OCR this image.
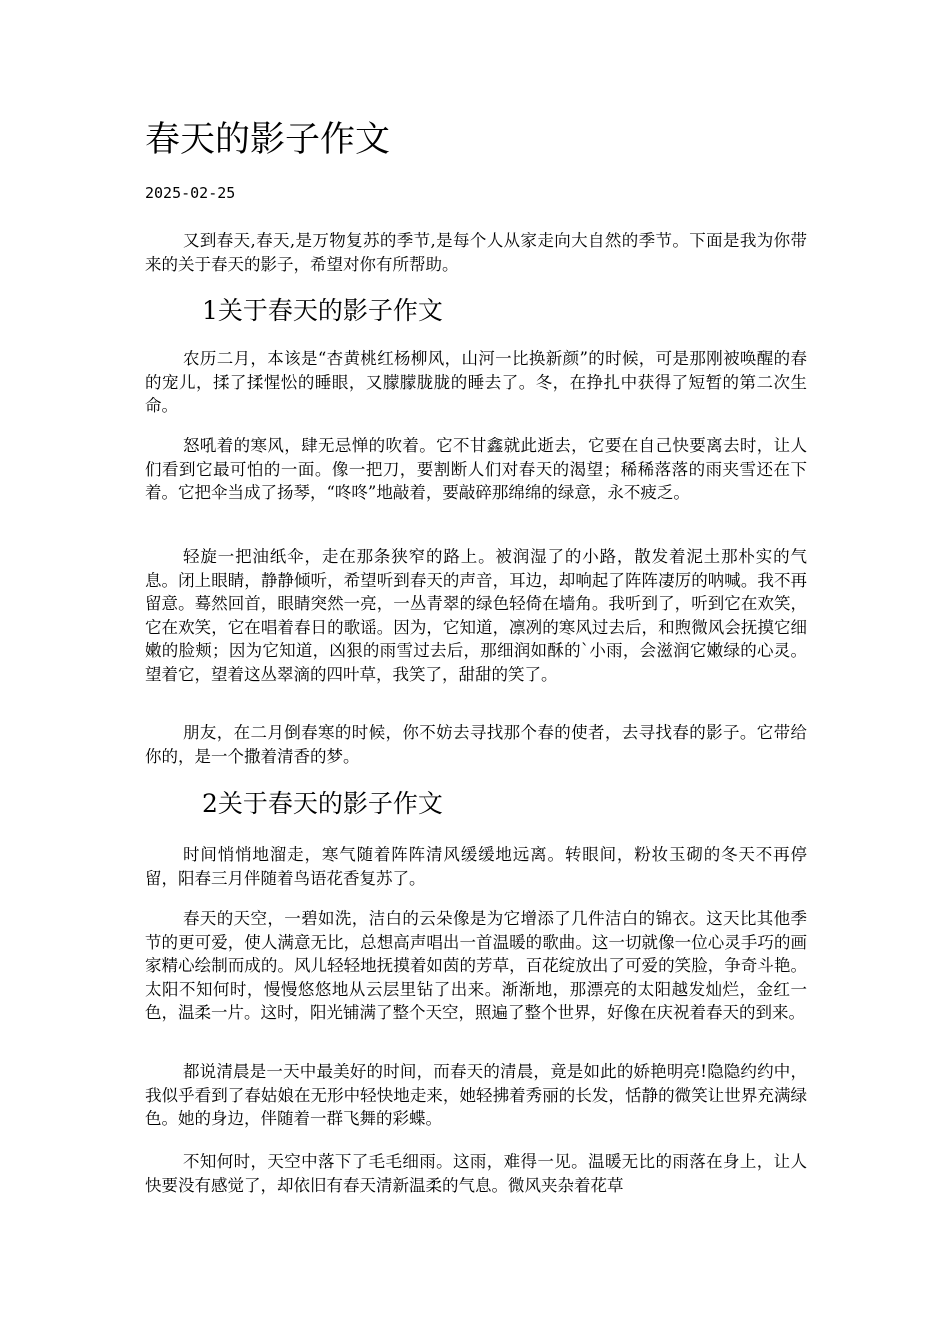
春天的影子作文
2025-02-25

又到春天,春天,是万物复苏的季节,是每个人从家走向大自然的季节。下面是我为你带来的关于春天的影子，希望对你有所帮助。

1关于春天的影子作文

农历二月，本该是“杏黄桃红杨柳风，山河一比换新颜”的时候，可是那刚被唤醒的春的宠儿，揉了揉惺忪的睡眼，又朦朦胧胧的睡去了。冬，在挣扎中获得了短暂的第二次生命。

怒吼着的寒风，肆无忌惮的吹着。它不甘鑫就此逝去，它要在自己快要离去时，让人们看到它最可怕的一面。像一把刀，要割断人们对春天的渴望；稀稀落落的雨夹雪还在下着。它把伞当成了扬琴，“咚咚”地敲着，要敲碎那绵绵的绿意，永不疲乏。

轻旋一把油纸伞，走在那条狭窄的路上。被润湿了的小路，散发着泥土那朴实的气息。闭上眼睛，静静倾听，希望听到春天的声音，耳边，却响起了阵阵凄厉的呐喊。我不再留意。蓦然回首，眼睛突然一亮，一丛青翠的绿色轻倚在墙角。我听到了，听到它在欢笑，它在欢笑，它在唱着春日的歌谣。因为，它知道，凛冽的寒风过去后，和煦微风会抚摸它细嫩的脸颊；因为它知道，凶狠的雨雪过去后，那细润如酥的`小雨，会滋润它嫩绿的心灵。望着它，望着这丛翠滴的四叶草，我笑了，甜甜的笑了。

朋友，在二月倒春寒的时候，你不妨去寻找那个春的使者，去寻找春的影子。它带给你的，是一个撒着清香的梦。

2关于春天的影子作文

时间悄悄地溜走，寒气随着阵阵清风缓缓地远离。转眼间，粉妆玉砌的冬天不再停留，阳春三月伴随着鸟语花香复苏了。

春天的天空，一碧如洗，洁白的云朵像是为它增添了几件洁白的锦衣。这天比其他季节的更可爱，使人满意无比，总想高声唱出一首温暖的歌曲。这一切就像一位心灵手巧的画家精心绘制而成的。风儿轻轻地抚摸着如茵的芳草，百花绽放出了可爱的笑脸，争奇斗艳。太阳不知何时，慢慢悠悠地从云层里钻了出来。渐渐地，那漂亮的太阳越发灿烂，金红一色，温柔一片。这时，阳光铺满了整个天空，照遍了整个世界，好像在庆祝着春天的到来。

都说清晨是一天中最美好的时间，而春天的清晨，竟是如此的娇艳明亮!隐隐约约中，我似乎看到了春姑娘在无形中轻快地走来，她轻拂着秀丽的长发，恬静的微笑让世界充满绿色。她的身边，伴随着一群飞舞的彩蝶。

不知何时，天空中落下了毛毛细雨。这雨，难得一见。温暖无比的雨落在身上，让人快要没有感觉了，却依旧有春天清新温柔的气息。微风夹杂着花草
